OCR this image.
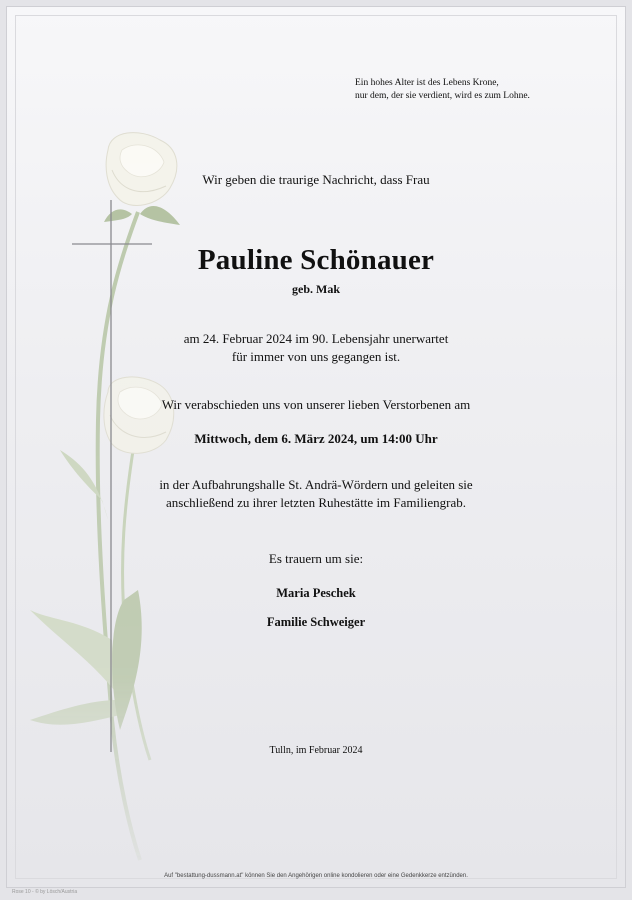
Ein hohes Alter ist des Lebens Krone,
nur dem, der sie verdient, wird es zum Lohne.

Wir geben die traurige Nachricht, dass Frau

Pauline Schönauer

geb. Mak

am 24. Februar 2024 im 90. Lebensjahr unerwartet

für immer von uns gegangen ist.

Wir verabschieden uns von unserer lieben Verstorbenen am

Mittwoch, dem 6. März 2024, um 14:00 Uhr

in der Aufbahrungshalle St. Andrä-Wördern und geleiten sie

anschließend zu ihrer letzten Ruhestätte im Familiengrab.

Es trauern um sie:

Maria Peschek

Familie Schweiger

Tulln, im Februar 2024

Auf "bestattung-dussmann.at" können Sie den Angehörigen online kondolieren oder eine Gedenkkerze entzünden.

Rose 10 - © by Lösch/Austria
